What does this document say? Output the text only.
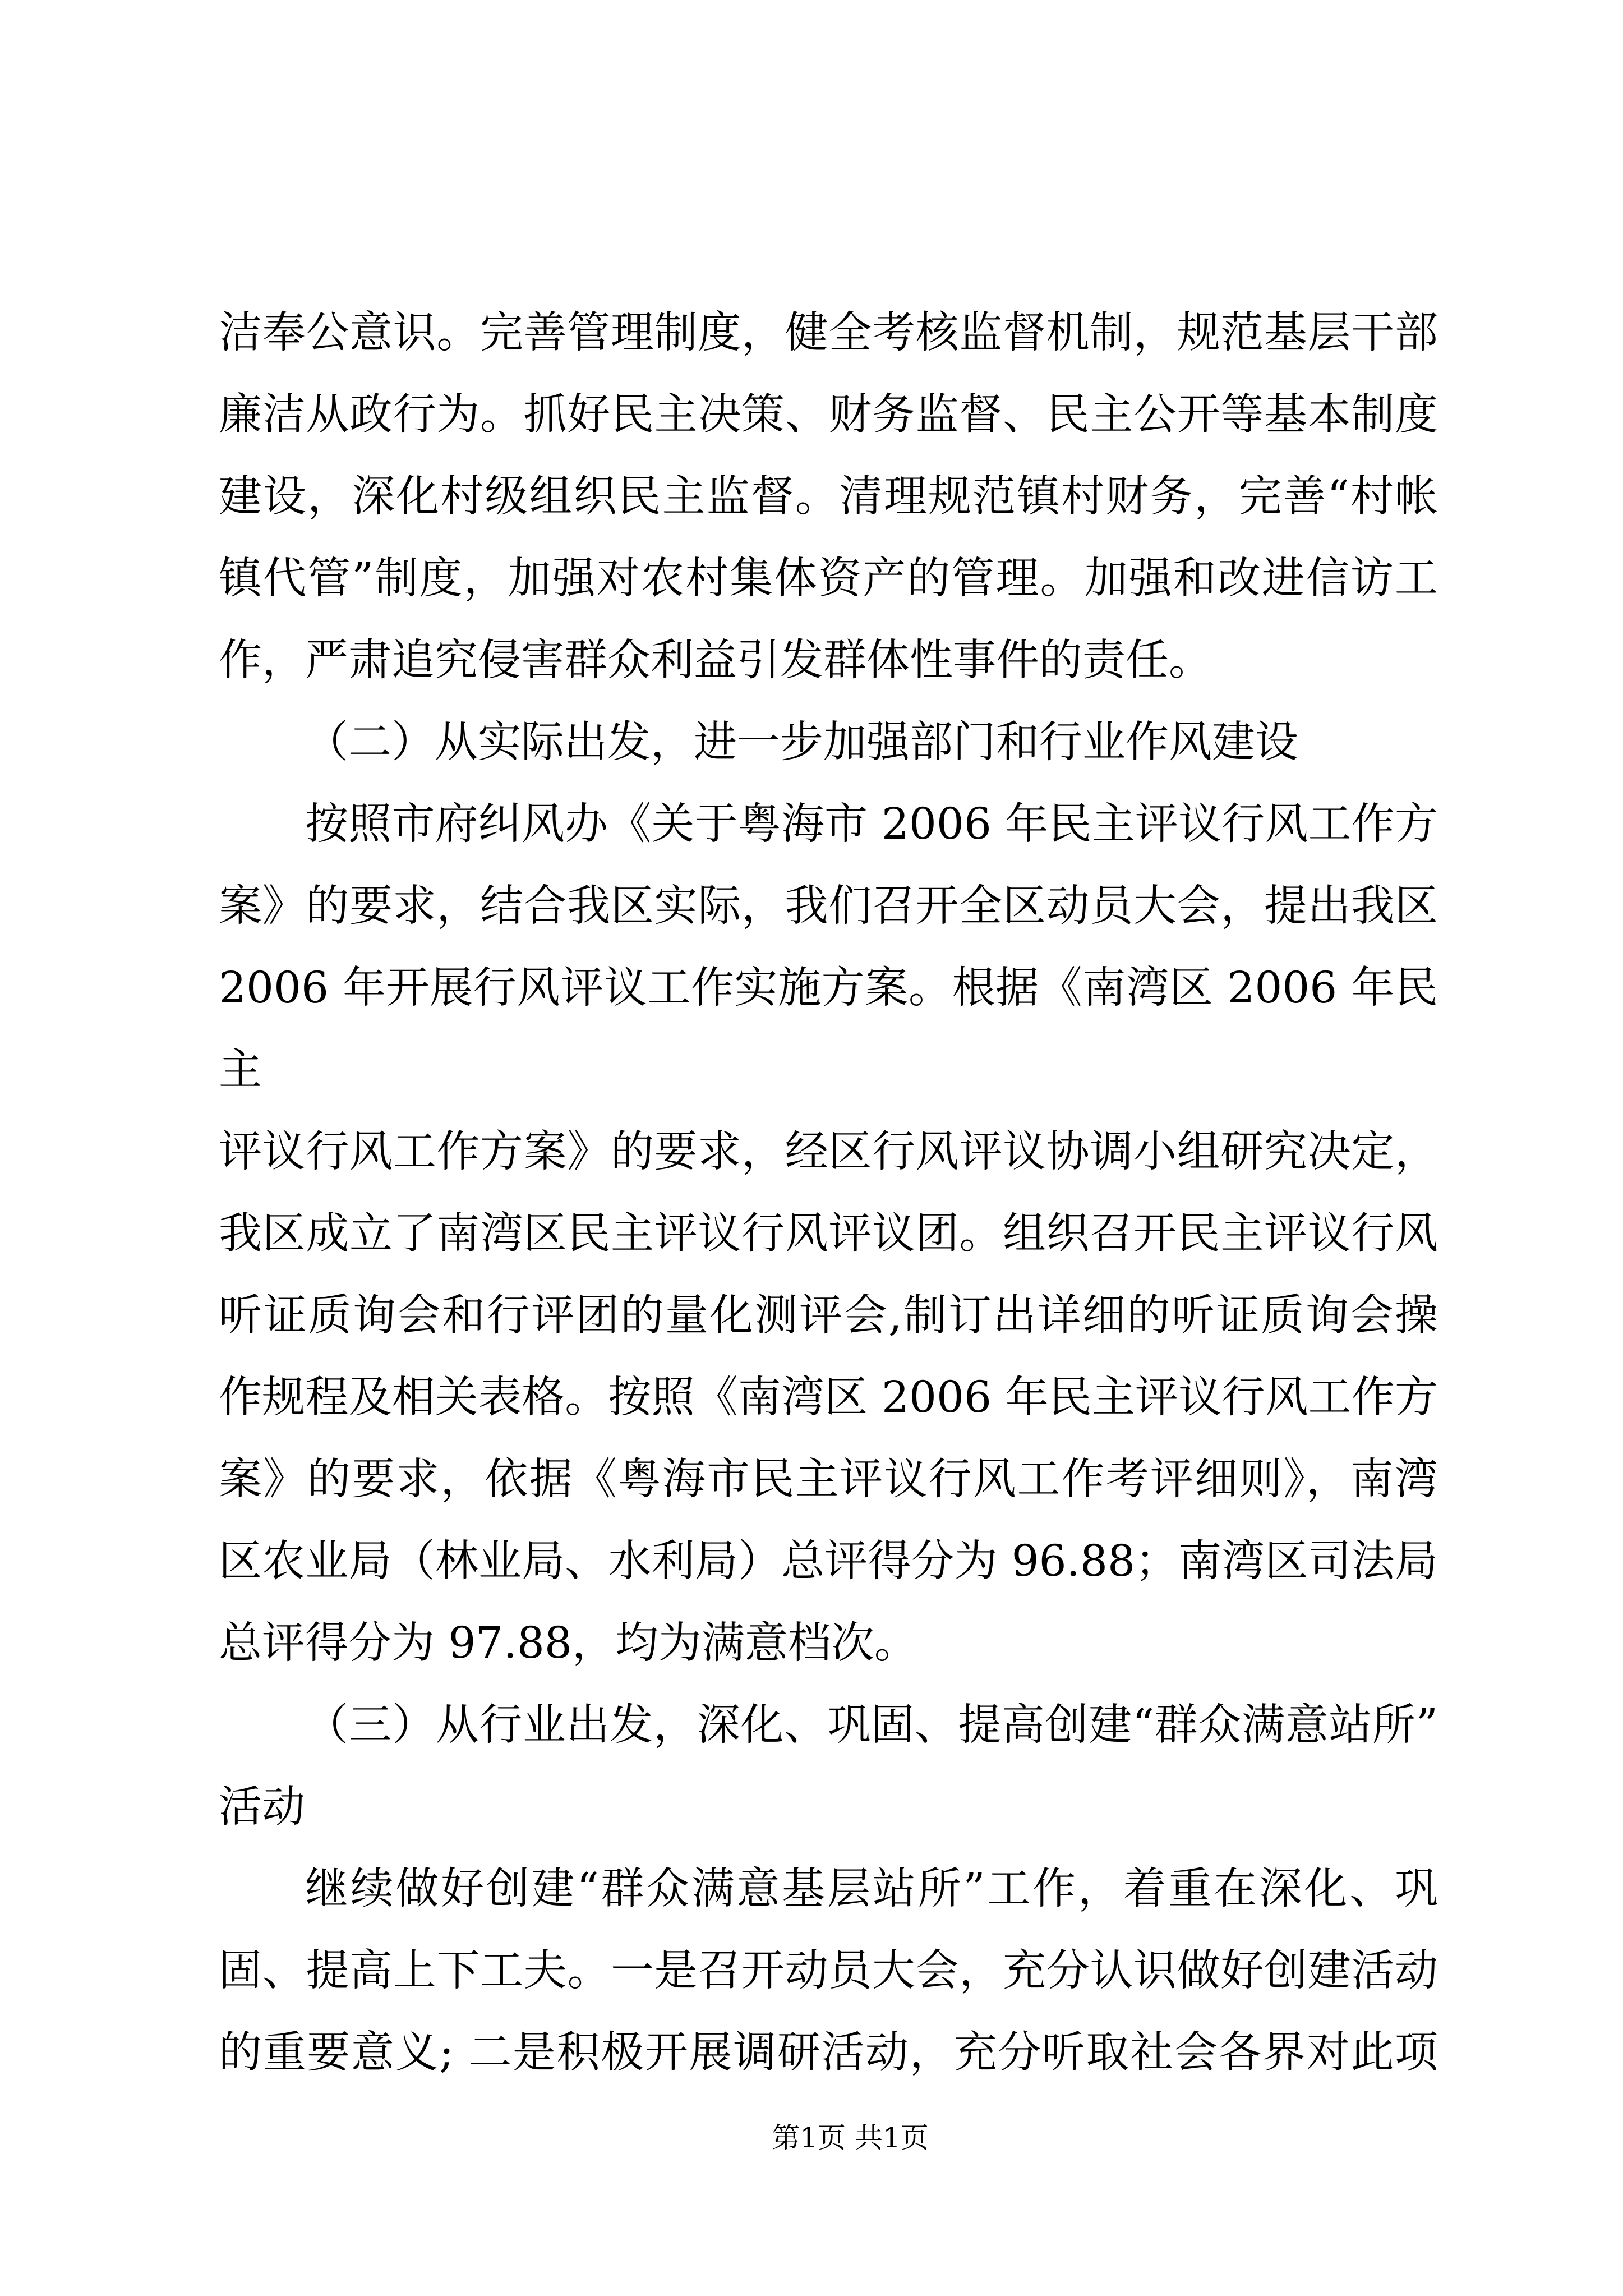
洁奉公意识。完善管理制度，健全考核监督机制，规范基层干部
廉洁从政行为。抓好民主决策、财务监督、民主公开等基本制度
建设，深化村级组织民主监督。清理规范镇村财务，完善“村帐
镇代管”制度，加强对农村集体资产的管理。加强和改进信访工
作，严肃追究侵害群众利益引发群体性事件的责任。
（二）从实际出发，进一步加强部门和行业作风建设
按照市府纠风办《关于粤海市 2006 年民主评议行风工作方
案》的要求，结合我区实际，我们召开全区动员大会，提出我区
2006 年开展行风评议工作实施方案。根据《南湾区 2006 年民主
评议行风工作方案》的要求，经区行风评议协调小组研究决定，
我区成立了南湾区民主评议行风评议团。组织召开民主评议行风
听证质询会和行评团的量化测评会,制订出详细的听证质询会操
作规程及相关表格。按照《南湾区 2006 年民主评议行风工作方
案》的要求，依据《粤海市民主评议行风工作考评细则》，南湾
区农业局（林业局、水利局）总评得分为 96.88；南湾区司法局
总评得分为 97.88，均为满意档次。
（三）从行业出发，深化、巩固、提高创建“群众满意站所”
活动
继续做好创建“群众满意基层站所”工作，着重在深化、巩
固、提高上下工夫。一是召开动员大会，充分认识做好创建活动
的重要意义; 二是积极开展调研活动，充分听取社会各界对此项
第1页 共1页
